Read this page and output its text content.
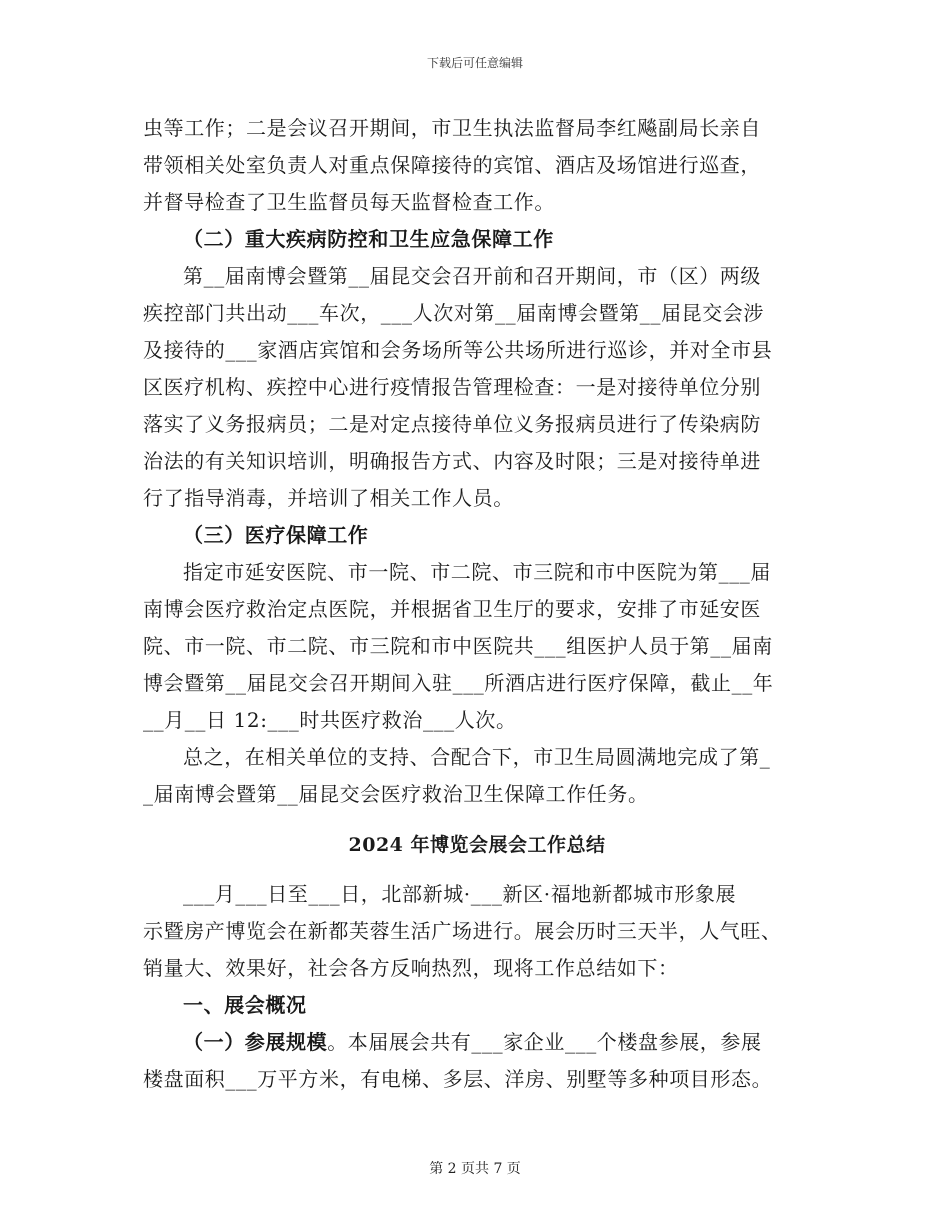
下载后可任意编辑
虫等工作；二是会议召开期间，市卫生执法监督局李红飚副局长亲自
带领相关处室负责人对重点保障接待的宾馆、酒店及场馆进行巡查，
并督导检查了卫生监督员每天监督检查工作。
（二）重大疾病防控和卫生应急保障工作
第__届南博会暨第__届昆交会召开前和召开期间，市（区）两级
疾控部门共出动___车次，___人次对第__届南博会暨第__届昆交会涉
及接待的___家酒店宾馆和会务场所等公共场所进行巡诊，并对全市县
区医疗机构、疾控中心进行疫情报告管理检查：一是对接待单位分别
落实了义务报病员；二是对定点接待单位义务报病员进行了传染病防
治法的有关知识培训，明确报告方式、内容及时限；三是对接待单进
行了指导消毒，并培训了相关工作人员。
（三）医疗保障工作
指定市延安医院、市一院、市二院、市三院和市中医院为第___届
南博会医疗救治定点医院，并根据省卫生厅的要求，安排了市延安医
院、市一院、市二院、市三院和市中医院共___组医护人员于第__届南
博会暨第__届昆交会召开期间入驻___所酒店进行医疗保障，截止__年
__月__日 12:___时共医疗救治___人次。
总之，在相关单位的支持、合配合下，市卫生局圆满地完成了第_
_届南博会暨第__届昆交会医疗救治卫生保障工作任务。
2024 年博览会展会工作总结
___月___日至___日，北部新城·___新区·福地新都城市形象展
示暨房产博览会在新都芙蓉生活广场进行。展会历时三天半，人气旺、
销量大、效果好，社会各方反响热烈，现将工作总结如下：
一、展会概况
（一）参展规模。本届展会共有___家企业___个楼盘参展，参展
楼盘面积___万平方米，有电梯、多层、洋房、别墅等多种项目形态。
第 2 页共 7 页
